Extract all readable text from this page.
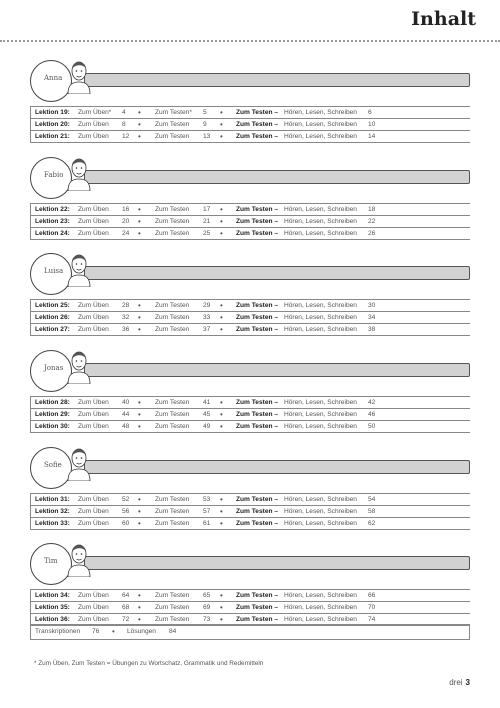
Inhalt
Anna
Lektion 19: Zum Üben* 4 • Zum Testen* 5 • Zum Testen – Hören, Lesen, Schreiben 6
Lektion 20: Zum Üben 8 • Zum Testen 9 • Zum Testen – Hören, Lesen, Schreiben 10
Lektion 21: Zum Üben 12 • Zum Testen 13 • Zum Testen – Hören, Lesen, Schreiben 14
Fabio
Lektion 22: Zum Üben 16 • Zum Testen 17 • Zum Testen – Hören, Lesen, Schreiben 18
Lektion 23: Zum Üben 20 • Zum Testen 21 • Zum Testen – Hören, Lesen, Schreiben 22
Lektion 24: Zum Üben 24 • Zum Testen 25 • Zum Testen – Hören, Lesen, Schreiben 26
Luisa
Lektion 25: Zum Üben 28 • Zum Testen 29 • Zum Testen – Hören, Lesen, Schreiben 30
Lektion 26: Zum Üben 32 • Zum Testen 33 • Zum Testen – Hören, Lesen, Schreiben 34
Lektion 27: Zum Üben 36 • Zum Testen 37 • Zum Testen – Hören, Lesen, Schreiben 38
Jonas
Lektion 28: Zum Üben 40 • Zum Testen 41 • Zum Testen – Hören, Lesen, Schreiben 42
Lektion 29: Zum Üben 44 • Zum Testen 45 • Zum Testen – Hören, Lesen, Schreiben 46
Lektion 30: Zum Üben 48 • Zum Testen 49 • Zum Testen – Hören, Lesen, Schreiben 50
Sofie
Lektion 31: Zum Üben 52 • Zum Testen 53 • Zum Testen – Hören, Lesen, Schreiben 54
Lektion 32: Zum Üben 56 • Zum Testen 57 • Zum Testen – Hören, Lesen, Schreiben 58
Lektion 33: Zum Üben 60 • Zum Testen 61 • Zum Testen – Hören, Lesen, Schreiben 62
Tim
Lektion 34: Zum Üben 64 • Zum Testen 65 • Zum Testen – Hören, Lesen, Schreiben 66
Lektion 35: Zum Üben 68 • Zum Testen 69 • Zum Testen – Hören, Lesen, Schreiben 70
Lektion 36: Zum Üben 72 • Zum Testen 73 • Zum Testen – Hören, Lesen, Schreiben 74
Transkriptionen 76 • Lösungen 84
* Zum Üben, Zum Testen = Übungen zu Wortschatz, Grammatik und Redemitteln
drei 3
